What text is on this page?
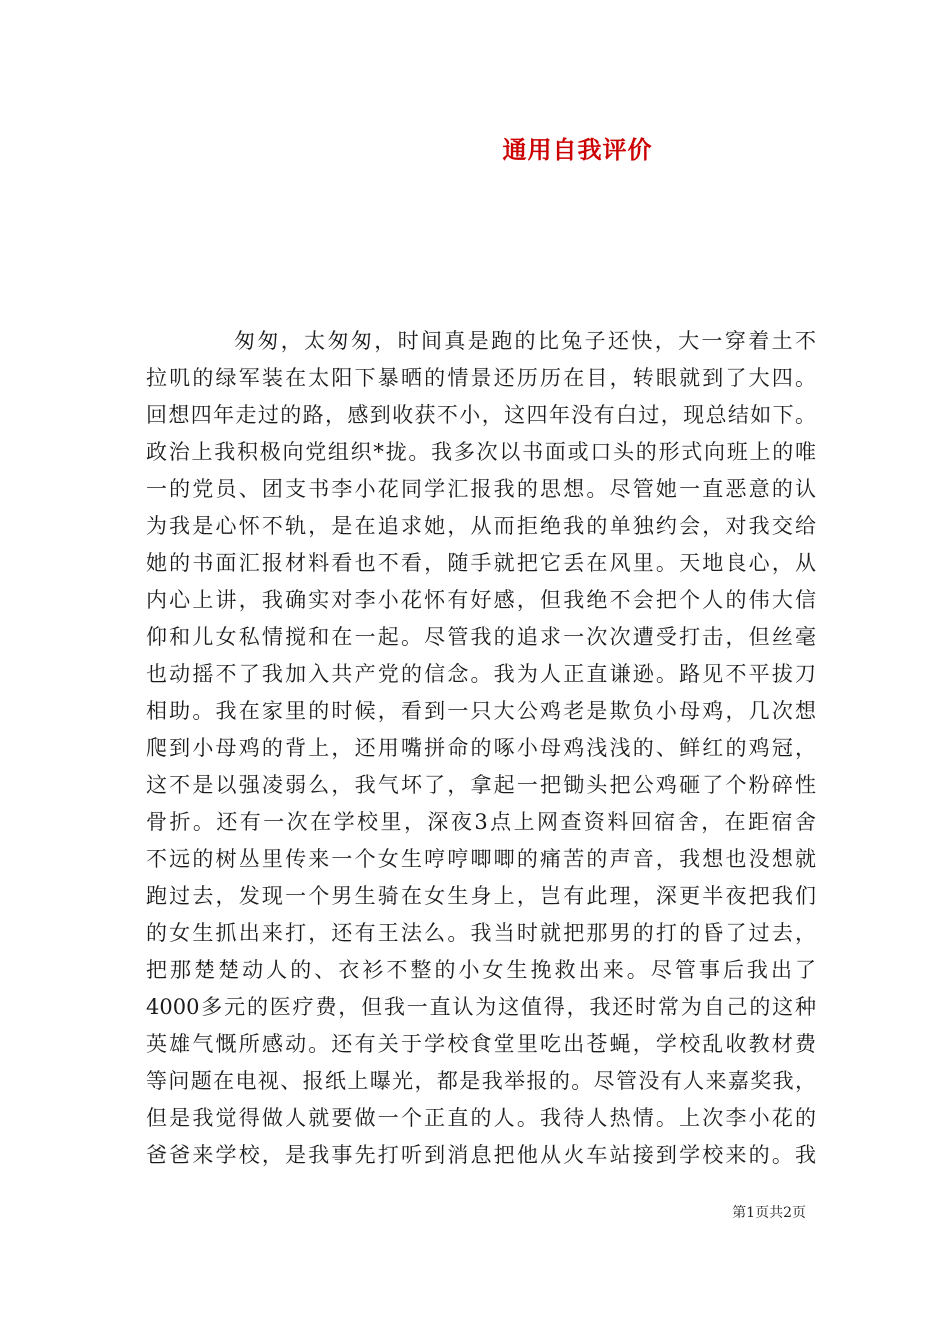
通用自我评价
匆匆，太匆匆，时间真是跑的比兔子还快，大一穿着土不
拉叽的绿军装在太阳下暴晒的情景还历历在目，转眼就到了大四。
回想四年走过的路，感到收获不小，这四年没有白过，现总结如下。
政治上我积极向党组织*拢。我多次以书面或口头的形式向班上的唯
一的党员、团支书李小花同学汇报我的思想。尽管她一直恶意的认
为我是心怀不轨，是在追求她，从而拒绝我的单独约会，对我交给
她的书面汇报材料看也不看，随手就把它丢在风里。天地良心，从
内心上讲，我确实对李小花怀有好感，但我绝不会把个人的伟大信
仰和儿女私情搅和在一起。尽管我的追求一次次遭受打击，但丝毫
也动摇不了我加入共产党的信念。我为人正直谦逊。路见不平拔刀
相助。我在家里的时候，看到一只大公鸡老是欺负小母鸡，几次想
爬到小母鸡的背上，还用嘴拼命的啄小母鸡浅浅的、鲜红的鸡冠，
这不是以强凌弱么，我气坏了，拿起一把锄头把公鸡砸了个粉碎性
骨折。还有一次在学校里，深夜3点上网查资料回宿舍，在距宿舍
不远的树丛里传来一个女生哼哼唧唧的痛苦的声音，我想也没想就
跑过去，发现一个男生骑在女生身上，岂有此理，深更半夜把我们
的女生抓出来打，还有王法么。我当时就把那男的打的昏了过去，
把那楚楚动人的、衣衫不整的小女生挽救出来。尽管事后我出了
4000多元的医疗费，但我一直认为这值得，我还时常为自己的这种
英雄气慨所感动。还有关于学校食堂里吃出苍蝇，学校乱收教材费
等问题在电视、报纸上曝光，都是我举报的。尽管没有人来嘉奖我，
但是我觉得做人就要做一个正直的人。我待人热情。上次李小花的
爸爸来学校，是我事先打听到消息把他从火车站接到学校来的。我
第1页共2页
